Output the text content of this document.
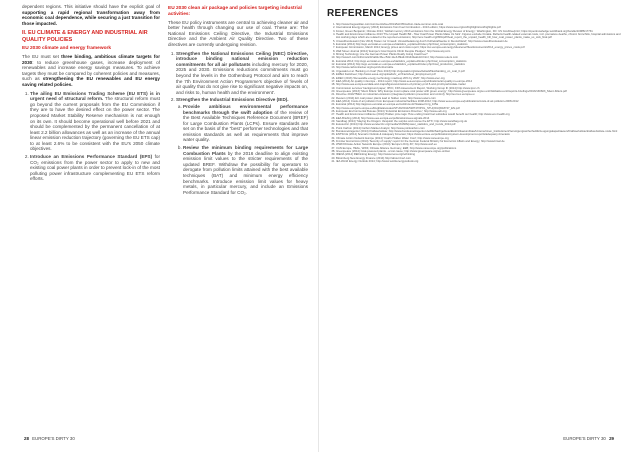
dependent regions. This initiative should have the explicit goal of supporting a rapid regional transformation away from economic coal dependence, while securing a just transition for those impacted.

II. EU CLIMATE & ENERGY AND INDUSTRIAL AIR QUALITY POLICIES
EU 2030 climate and energy framework

The EU must set three binding, ambitious climate targets for 2030: to reduce greenhouse gases, increase deployment of renewables and increase energy savings measures. To achieve targets they must be compared by coherent policies and measures, such as strengthening the EU renewables and EU energy saving related policies.

1. The ailing EU Emissions Trading Scheme (EU ETS) is in urgent need of structural reform. The structural reform must go beyond the current proposals from the EU Commission if they are to have the desired effect on the power sector. The proposed Market Stability Reserve mechanism is not enough on its own. It should become operational well before 2021 and should be complemented by the permanent cancellation of at least 2.2 billion allowances as well as an increase of the annual linear emission reduction trajectory (governing the EU ETS cap) to at least 2.6% to be consistent with the EU's 2050 climate objectives.
2. Introduce an Emissions Performance Standard (EPS) for CO₂ emissions from the power sector to apply to new and existing coal power plants in order to prevent lock-in of the most polluting power infrastructure complementing EU ETS reform efforts.
EU 2030 clean air package and policies targeting industrial activities:

These EU policy instruments are central to achieving cleaner air and better health through changing our use of coal. These are: The National Emissions Ceiling Directive, the Industrial Emissions Directive and the Ambient Air Quality Directive. Two of these directives are currently undergoing revision.

1. Strengthen the National Emissions Ceiling (NEC) Directive, introduce binding national emission reduction commitments for all air pollutants including mercury for 2020, 2025 and 2030. Emissions reductions commitments must go beyond the levels in the Gothenburg Protocol and aim to reach the 7th Environment Action Programme's objective of 'levels of air quality that do not give rise to significant negative impacts on, and risks to, human health and the environment'.
2. Strengthen the Industrial Emissions Directive (IED).
a. Provide ambitious environmental performance benchmarks through the swift adoption of the review of the Best Available Techniques Reference Document (BREF) for Large Combustion Plants (LCPs). Ensure standards are set on the basis of the "best" performer technologies and that emission standards as well as requirements that improve water quality.
b. Review the minimum binding requirements for Large Combustion Plants by the 2016 deadline to align existing emission limit values to the stricter requirements of the updated BREF. Withdraw the possibility for operators to derogate from pollution limits attained with the best available techniques (BAT) and minimum energy efficiency benchmarks. Introduce emission limit values for heavy metals, in particular mercury, and include an Emissions Performance Standard for CO₂.
28 EUROPE'S DIRTY 30
REFERENCES
1. http://www.theguardian.com/commentisfree/2014/feb/05/carbon-trade-summer-sink-coal
2. International Energy Agency (2013) Emissions from Fuel Combustion - 2013 edition; https://www.iea.org/co2highlights/co2highlights.pdf
3. Foster, Green Benjamin; Climate 2014; 'Global mercury 2013 emissions from the Global Energy Review of Energy'. Washington, DC: US Gov/blue/print; https://openknowledge.worldbank.org/handle/10986/17731
4. Health and Environment Alliance 2013 'The Unpaid Health Bill - How Coal Power Plants Make Us Sick'. Figures exclude Croatia. Reflects health-related external costs, incl. premature deaths, chronic bronchitis, hospital admissions and lost working days which are related to the reported emissions; http://env-health.org/IMG/pdf/heal_report_the_unpaid_health_bill_how_coal_power_plants_make_us_sick_final.pdf
5. Umweltbundesamt (Nov 2013) 'Daten zur Umwelt: Umweltbelastung durch Kohlekraftwerke in Deutschland'; http://www.umweltbundesamt.de
6. Eurostat (2014) http://epp.eurostat.ec.europa.eu/statistics_explained/index.php/Coal_consumption_statistics
7. European Commission, March 2014; Energy prices and costs report; https://ec.europa.eu/energy/sites/ener/files/documents/2014_energy_prices_costs.pdf
8. Wall Street Journal (2014) 'Europe's Coal Imports Climb Despite Pledges'; http://www.wsj.com
9. Mining Technology: Are the German Power Plants Really Going Coal-Free?
10. http://www.ft.com/intl/cms/s/0/1a91cf3e-c542-11e3-89a9-00144feabdc0.html; http://www.reuters.com
11. Eurostat 2014; http://epp.eurostat.ec.europa.eu/statistics_explained/index.php/Coal_consumption_statistics
12. Eurostat (2014) http://epp.eurostat.ec.europa.eu/statistics_explained/index.php/Coal_production_statistics
13. http://www.carbontracker.org/report/unburnable
14. Urgewald et al. 'Banking on Coal' (Nov 2013) http://urgewald.org/sites/default/files/banking_on_coal_0.pdf
15. EWEA Factsheet; http://www.ewea.org/uploads/tx_err/Factsheet_Employment.pdf
16. EREC (2013) 'Renewable energy technology roadmap 20% by 2020'; http://www.erec.org
17. EEA (2014) Air quality in Europe - 2014 report; http://www.eea.europa.eu/publications/air-quality-in-europe-2014
18. http://www.eea.europa.eu/data-and-maps/figures/emissions-of-primary-pm2.5-and-pm10-particulate-matter
19. Commission services' background paper; IPCC, Fifth Assessment Report, Working Group III (2014) http://www.ipcc.ch
20. Greenpeace (2013) 'Silent Killers: Why Europe must replace coal power with green energy'; http://www.greenpeace.org/eu-unit/Global/eu-unit/reports-briefings/2013/130603_Silent-Killers.pdf
21. Directive 2010/75/EU on industrial emissions (integrated pollution prevention and control); http://eur-lex.europa.eu
22. Reuters (2014) EU coal power plants lead to hidden costs; http://www.reuters.com
23. EEA (2014) Costs of air pollution from European industrial facilities 2008-2012; http://www.eea.europa.eu/publications/costs-of-air-pollution-2008-2012
24. Eurostat (2014) http://appsso.eurostat.ec.europa.eu/nui/show.do?dataset=nrg_105a
25. http://www.europarl.europa.eu/RegData/etudes/STUD/2014/518747/IPOL_STU(2014)518747_EN.pdf
26. European Environmental Bureau (2014) 'Industrial Emissions Directive'; http://www.eeb.org
27. Health and Environment Alliance (2014) Hidden price tags: How ending fossil fuel subsidies would benefit our health; http://www.env-health.org
28. EEA Briefing (2014) http://www.eea.europa.eu/publications/eea-signals-2014
29. Sandbag (2014) 'Slaying the Dragon: Vanquish the surplus and rescue the ETS'; http://www.sandbag.org.uk
30. Eurelectric (2014) http://www.eurelectric.org/media/131606/power_statistics_and_trends_2014.pdf
31. Point Carbon (2014) Carbon Market Analyst; http://www.pointcarbon.com
32. Bundesnetzagentur (2014) Kraftwerksliste; http://www.bundesnetzagentur.de/DE/Sachgebiete/ElektrizitaetundGas/Unternehmen_Institutionen/Versorgungssicherheit/Erzeugungskapazitaeten/Kraftwerksliste/kraftwerksliste-node.html
33. ENTSO-E (2014) Scenario Outlook & Adequacy Forecast; https://www.entsoe.eu/publications/system-development-reports/adequacy-forecasts
34. Climate Action Network Europe (2014) 'Coal's Hidden Water Cost'; http://www.caneurope.org
35. Frontier Economics (2014) 'Security of supply' report for the German Federal Ministry for Economic Affairs and Energy; http://www.bmwi.de
36. WWF/Climate Action Network Europe (2014) 'Europe's Dirty 30'; http://www.wwf.eu
37. CAN Europe, HEAL, WWF, Climate Alliance Germany, EEB; http://www.caneurope.org/publications
38. Greenpeace (2014) Coal-powered plants - a lost cause; http://www.greenpeace.org/eu-unit/en
39. IRENA (2014) REthinking Energy; http://www.irena.org/rethinking
40. Bloomberg New Energy Finance (2014) http://about.bnef.com
41. IEA World Energy Outlook 2014; http://www.worldenergyoutlook.org
EUROPE'S DIRTY 30 29
